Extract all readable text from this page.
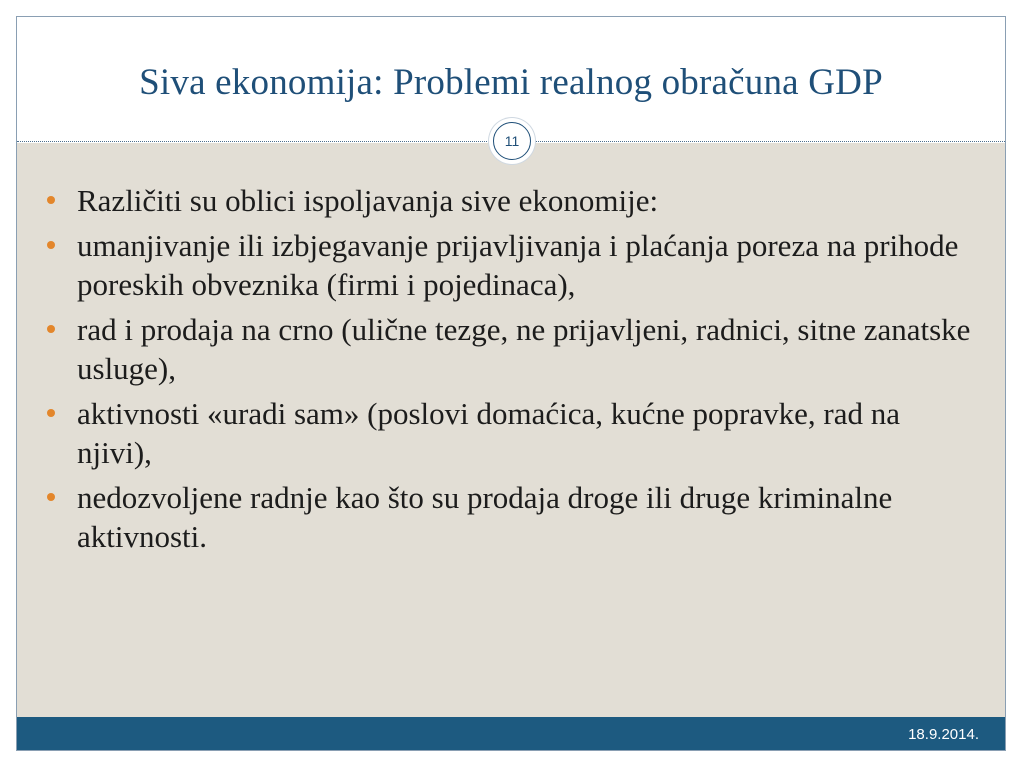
Siva ekonomija: Problemi realnog obračuna GDP
11
Različiti su oblici ispoljavanja sive ekonomije:
umanjivanje ili izbjegavanje prijavljivanja i plaćanja poreza na prihode poreskih obveznika (firmi i pojedinaca),
rad i prodaja na crno (ulične tezge, ne prijavljeni, radnici, sitne zanatske usluge),
aktivnosti «uradi sam» (poslovi domaćica, kućne popravke, rad na njivi),
nedozvoljene radnje kao što su prodaja droge ili druge kriminalne aktivnosti.
18.9.2014.
